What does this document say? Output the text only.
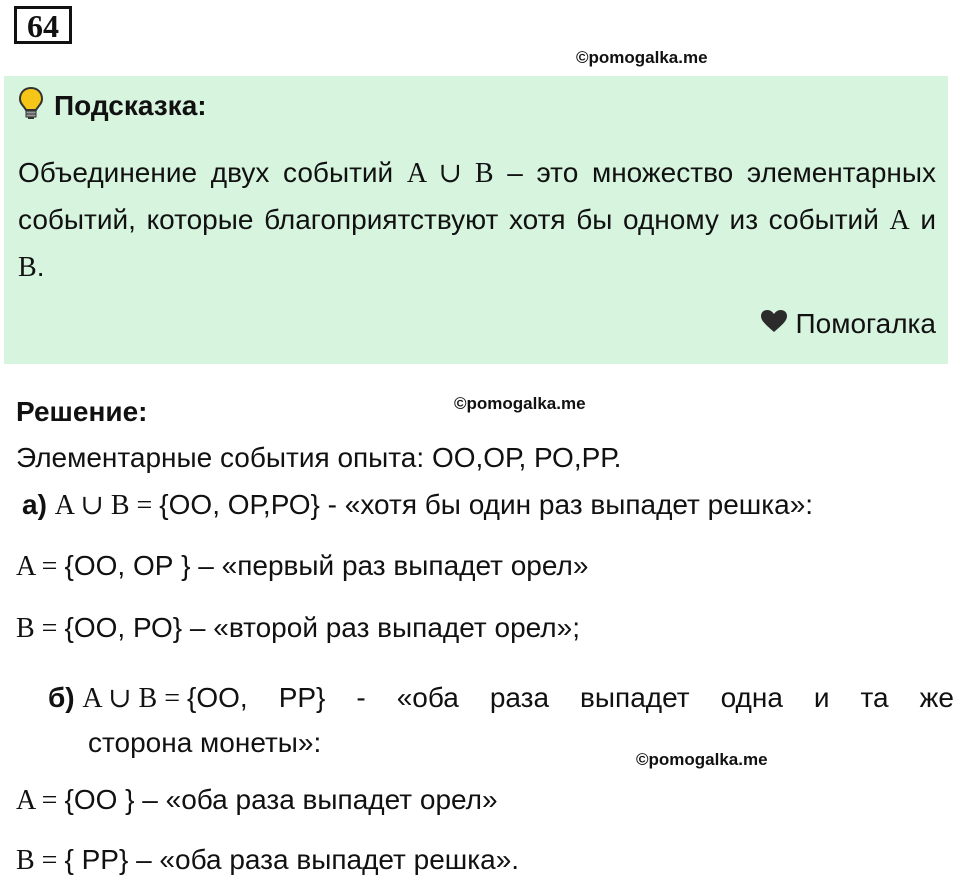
64
©pomogalka.me
Подсказка:
Объединение двух событий A ∪ B – это множество элементарных событий, которые благоприятствуют хотя бы одному из событий A и B.
Помогалка
Решение:	©pomogalka.me
Элементарные события опыта: ОО,ОР, РО,РР.
а) A ∪ B = {ОО, ОР,РО} - «хотя бы один раз выпадет решка»:
A = {ОО, ОР } – «первый раз выпадет орел»
B = {ОО, РО} – «второй раз выпадет орел»;
б) A ∪ B = {ОО, РР} - «оба раза выпадет одна и та же
сторона монеты»:
©pomogalka.me
A = {ОО } – «оба раза выпадет орел»
B = { РР} – «оба раза выпадет решка».
